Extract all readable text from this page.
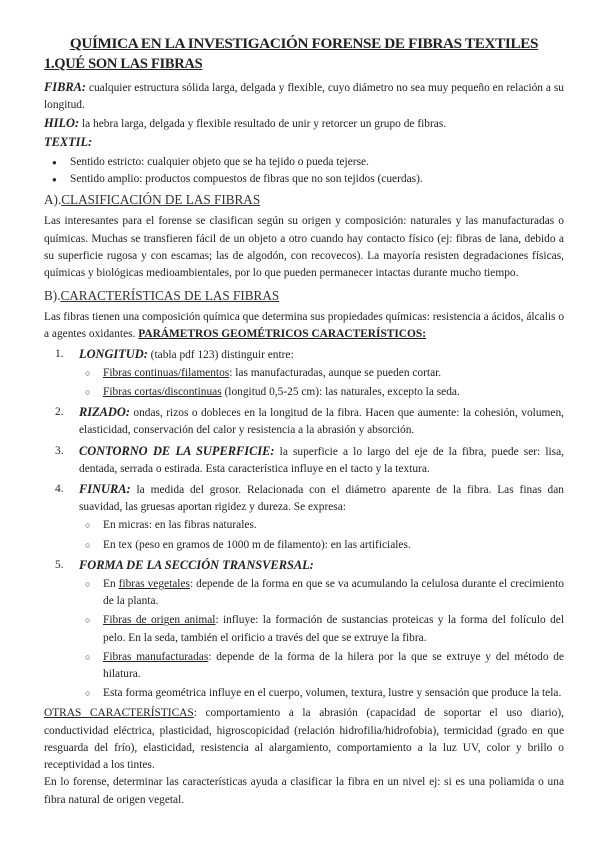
QUÍMICA EN LA INVESTIGACIÓN FORENSE DE FIBRAS TEXTILES
1.QUÉ SON LAS FIBRAS

FIBRA: cualquier estructura sólida larga, delgada y flexible, cuyo diámetro no sea muy pequeño en relación a su longitud.

HILO: la hebra larga, delgada y flexible resultado de unir y retorcer un grupo de fibras.

TEXTIL:

● Sentido estricto: cualquier objeto que se ha tejido o pueda tejerse.
● Sentido amplio: productos compuestos de fibras que no son tejidos (cuerdas).
A).CLASIFICACIÓN DE LAS FIBRAS

Las interesantes para el forense se clasifican según su origen y composición: naturales y las manufacturadas o químicas. Muchas se transfieren fácil de un objeto a otro cuando hay contacto físico (ej: fibras de lana, debido a su superficie rugosa y con escamas; las de algodón, con recovecos). La mayoría resisten degradaciones físicas, químicas y biológicas medioambientales, por lo que pueden permanecer intactas durante mucho tiempo.

B).CARACTERÍSTICAS DE LAS FIBRAS

Las fibras tienen una composición química que determina sus propiedades químicas: resistencia a ácidos, álcalis o a agentes oxidantes. PARÁMETROS GEOMÉTRICOS CARACTERÍSTICOS:

1. LONGITUD: (tabla pdf 123) distinguir entre:
○ Fibras continuas/filamentos: las manufacturadas, aunque se pueden cortar.
○ Fibras cortas/discontinuas (longitud 0,5-25 cm): las naturales, excepto la seda.
2. RIZADO: ondas, rizos o dobleces en la longitud de la fibra. Hacen que aumente: la cohesión, volumen, elasticidad, conservación del calor y resistencia a la abrasión y absorción.
3. CONTORNO DE LA SUPERFICIE: la superficie a lo largo del eje de la fibra, puede ser: lisa, dentada, serrada o estirada. Esta característica influye en el tacto y la textura.
4. FINURA: la medida del grosor. Relacionada con el diámetro aparente de la fibra. Las finas dan suavidad, las gruesas aportan rigidez y dureza. Se expresa:
○ En micras: en las fibras naturales.
○ En tex (peso en gramos de 1000 m de filamento): en las artificiales.
5. FORMA DE LA SECCIÓN TRANSVERSAL:
○ En fibras vegetales: depende de la forma en que se va acumulando la celulosa durante el crecimiento de la planta.
○ Fibras de origen animal: influye: la formación de sustancias proteicas y la forma del folículo del pelo. En la seda, también el orificio a través del que se extruye la fibra.
○ Fibras manufacturadas: depende de la forma de la hilera por la que se extruye y del método de hilatura.
○ Esta forma geométrica influye en el cuerpo, volumen, textura, lustre y sensación que produce la tela.

OTRAS CARACTERÍSTICAS: comportamiento a la abrasión (capacidad de soportar el uso diario), conductividad eléctrica, plasticidad, higroscopicidad (relación hidrofilia/hidrofobia), termicidad (grado en que resguarda del frío), elasticidad, resistencia al alargamiento, comportamiento a la luz UV, color y brillo o receptividad a los tintes.

En lo forense, determinar las características ayuda a clasificar la fibra en un nivel ej: si es una poliamida o una fibra natural de origen vegetal.
